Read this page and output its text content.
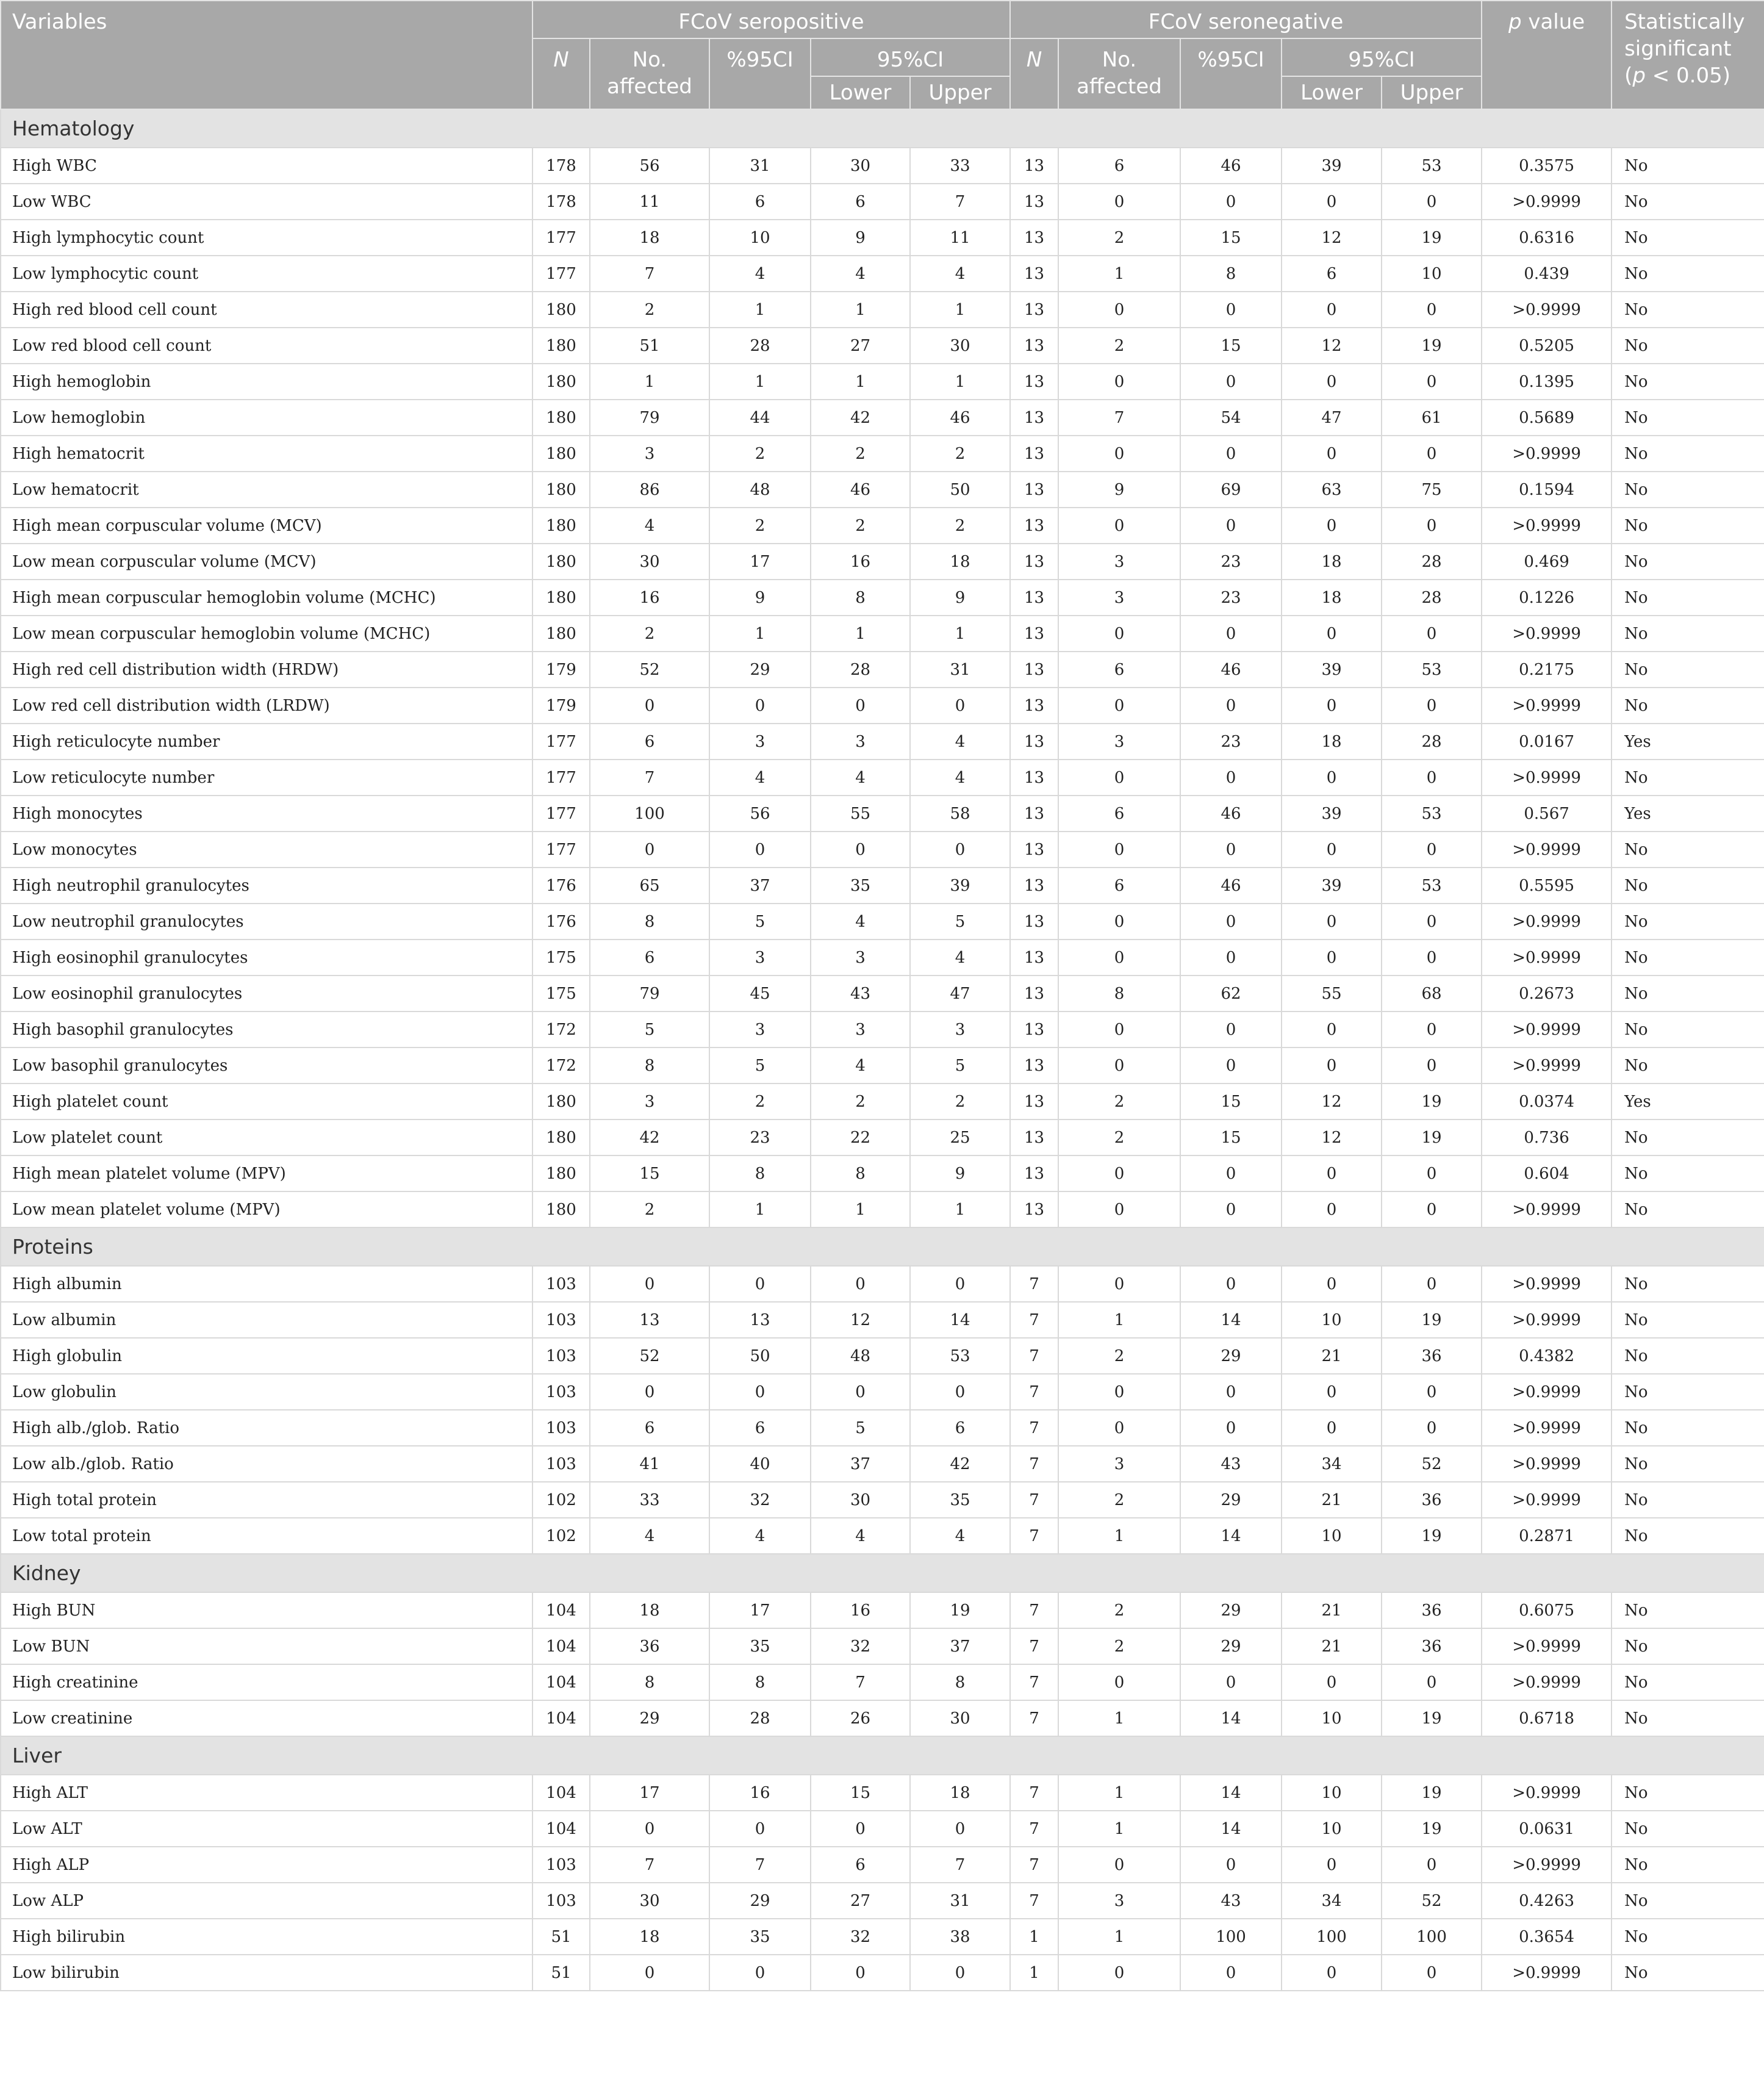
Variables	FCoV seropositive					FCoV seronegative					p value	Statistically significant
(p < 0.05)
	N	No. affected	%95CI	95%CI		N	No. affected	%95CI	95%CI			
				Lower	Upper				Lower	Upper		
Hematology												
High WBC	178	56	31	30	33	13	6	46	39	53	0.3575	No
Low WBC	178	11	6	6	7	13	0	0	0	0	>0.9999	No
High lymphocytic count	177	18	10	9	11	13	2	15	12	19	0.6316	No
Low lymphocytic count	177	7	4	4	4	13	1	8	6	10	0.439	No
High red blood cell count	180	2	1	1	1	13	0	0	0	0	>0.9999	No
Low red blood cell count	180	51	28	27	30	13	2	15	12	19	0.5205	No
High hemoglobin	180	1	1	1	1	13	0	0	0	0	0.1395	No
Low hemoglobin	180	79	44	42	46	13	7	54	47	61	0.5689	No
High hematocrit	180	3	2	2	2	13	0	0	0	0	>0.9999	No
Low hematocrit	180	86	48	46	50	13	9	69	63	75	0.1594	No
High mean corpuscular volume (MCV)	180	4	2	2	2	13	0	0	0	0	>0.9999	No
Low mean corpuscular volume (MCV)	180	30	17	16	18	13	3	23	18	28	0.469	No
High mean corpuscular hemoglobin volume (MCHC)	180	16	9	8	9	13	3	23	18	28	0.1226	No
Low mean corpuscular hemoglobin volume (MCHC)	180	2	1	1	1	13	0	0	0	0	>0.9999	No
High red cell distribution width (HRDW)	179	52	29	28	31	13	6	46	39	53	0.2175	No
Low red cell distribution width (LRDW)	179	0	0	0	0	13	0	0	0	0	>0.9999	No
High reticulocyte number	177	6	3	3	4	13	3	23	18	28	0.0167	Yes
Low reticulocyte number	177	7	4	4	4	13	0	0	0	0	>0.9999	No
High monocytes	177	100	56	55	58	13	6	46	39	53	0.567	Yes
Low monocytes	177	0	0	0	0	13	0	0	0	0	>0.9999	No
High neutrophil granulocytes	176	65	37	35	39	13	6	46	39	53	0.5595	No
Low neutrophil granulocytes	176	8	5	4	5	13	0	0	0	0	>0.9999	No
High eosinophil granulocytes	175	6	3	3	4	13	0	0	0	0	>0.9999	No
Low eosinophil granulocytes	175	79	45	43	47	13	8	62	55	68	0.2673	No
High basophil granulocytes	172	5	3	3	3	13	0	0	0	0	>0.9999	No
Low basophil granulocytes	172	8	5	4	5	13	0	0	0	0	>0.9999	No
High platelet count	180	3	2	2	2	13	2	15	12	19	0.0374	Yes
Low platelet count	180	42	23	22	25	13	2	15	12	19	0.736	No
High mean platelet volume (MPV)	180	15	8	8	9	13	0	0	0	0	0.604	No
Low mean platelet volume (MPV)	180	2	1	1	1	13	0	0	0	0	>0.9999	No
Proteins												
High albumin	103	0	0	0	0	7	0	0	0	0	>0.9999	No
Low albumin	103	13	13	12	14	7	1	14	10	19	>0.9999	No
High globulin	103	52	50	48	53	7	2	29	21	36	0.4382	No
Low globulin	103	0	0	0	0	7	0	0	0	0	>0.9999	No
High alb./glob. Ratio	103	6	6	5	6	7	0	0	0	0	>0.9999	No
Low alb./glob. Ratio	103	41	40	37	42	7	3	43	34	52	>0.9999	No
High total protein	102	33	32	30	35	7	2	29	21	36	>0.9999	No
Low total protein	102	4	4	4	4	7	1	14	10	19	0.2871	No
Kidney												
High BUN	104	18	17	16	19	7	2	29	21	36	0.6075	No
Low BUN	104	36	35	32	37	7	2	29	21	36	>0.9999	No
High creatinine	104	8	8	7	8	7	0	0	0	0	>0.9999	No
Low creatinine	104	29	28	26	30	7	1	14	10	19	0.6718	No
Liver												
High ALT	104	17	16	15	18	7	1	14	10	19	>0.9999	No
Low ALT	104	0	0	0	0	7	1	14	10	19	0.0631	No
High ALP	103	7	7	6	7	7	0	0	0	0	>0.9999	No
Low ALP	103	30	29	27	31	7	3	43	34	52	0.4263	No
High bilirubin	51	18	35	32	38	1	1	100	100	100	0.3654	No
Low bilirubin	51	0	0	0	0	1	0	0	0	0	>0.9999	No
